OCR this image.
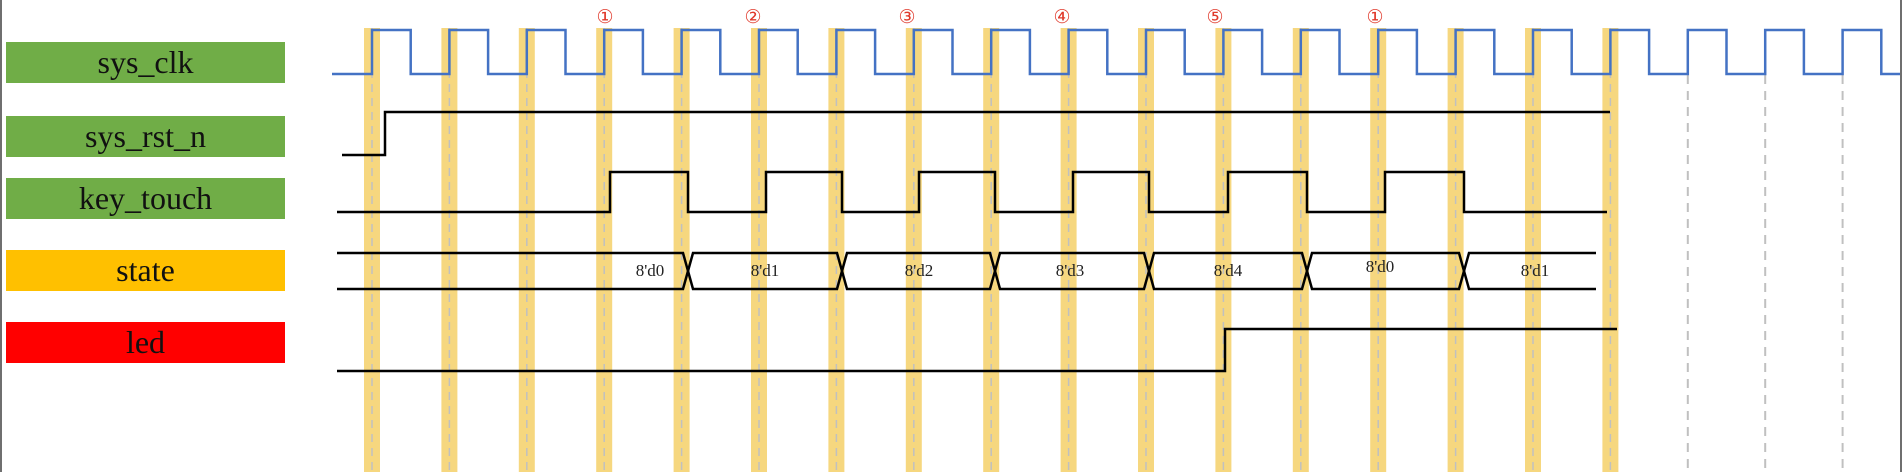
sys_clk
sys_rst_n
key_touch
state
led
8'd0	8'd1	8'd2	8'd3	8'd4	8'd0	8'd1
①	②	③	④	⑤	①
